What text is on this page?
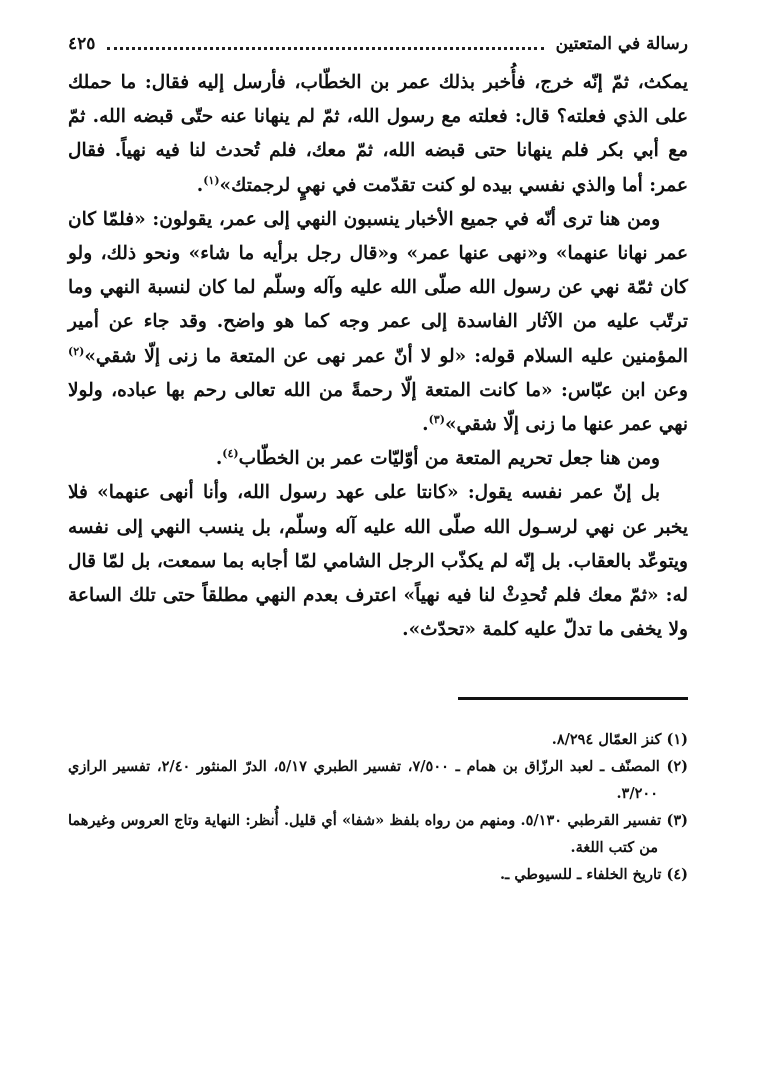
رسالة في المتعتين
٤٢٥

يمكث، ثمّ إنّه خرج، فأُخبر بذلك عمر بن الخطّاب، فأرسل إليه فقال: ما حملك على الذي فعلته؟ قال: فعلته مع رسول الله، ثمّ لم ينهانا عنه حتّى قبضه الله. ثمّ مع أبي بكر فلم ينهانا حتى قبضه الله، ثمّ معك، فلم تُحدث لنا فيه نهياً. فقال عمر: أما والذي نفسي بيده لو كنت تقدّمت في نهيٍ لرجمتك»$^{(١)}$.

ومن هنا ترى أنّه في جميع الأخبار ينسبون النهي إلى عمر، يقولون: «فلمّا كان عمر نهانا عنهما» و«نهى عنها عمر» و«قال رجل برأيه ما شاء» ونحو ذلك، ولو كان ثمّة نهي عن رسول الله صلّى الله عليه وآله وسلّم لما كان لنسبة النهي وما ترتّب عليه من الآثار الفاسدة إلى عمر وجه كما هو واضح. وقد جاء عن أمير المؤمنين عليه السلام قوله: «لو لا أنّ عمر نهى عن المتعة ما زنى إلّا شقي»$^{(٢)}$ وعن ابن عبّاس: «ما كانت المتعة إلّا رحمةً من الله تعالى رحم بها عباده، ولولا نهي عمر عنها ما زنى إلّا شقي»$^{(٣)}$.

ومن هنا جعل تحريم المتعة من أوّليّات عمر بن الخطّاب$^{(٤)}$.

بل إنّ عمر نفسه يقول: «كانتا على عهد رسول الله، وأنا أنهى عنهما» فلا يخبر عن نهي لرسـول الله صلّى الله عليه آله وسلّم، بل ينسب النهي إلى نفسه ويتوعّد بالعقاب. بل إنّه لم يكذّب الرجل الشامي لمّا أجابه بما سمعت، بل لمّا قال له: «ثمّ معك فلم تُحدِثْ لنا فيه نهياً» اعترف بعدم النهي مطلقاً حتى تلك الساعة ولا يخفى ما تدلّ عليه كلمة «تحدّث».

(١) كنز العمّال ٨/٢٩٤.

(٢) المصنّف ـ لعبد الرزّاق بن همام ـ ٧/٥٠٠، تفسير الطبري ٥/١٧، الدرّ المنثور ٢/٤٠، تفسير الرازي ٣/٢٠٠.

(٣) تفسير القرطبي ٥/١٣٠. ومنهم من رواه بلفظ «شفا» أي قليل. أُنظر: النهاية وتاج العروس وغيرهما من كتب اللغة.

(٤) تاريخ الخلفاء ـ للسيوطي ـ.
